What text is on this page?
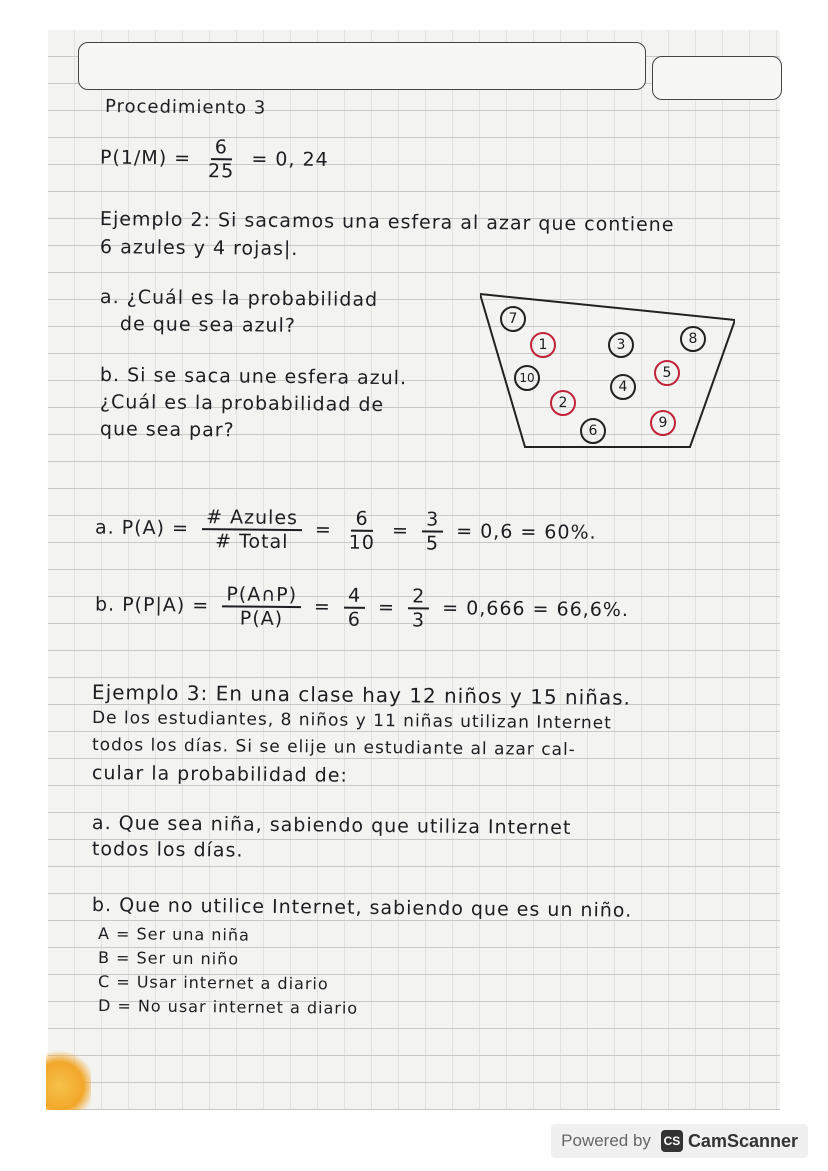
Procedimiento 3
$P(1/M) = \frac{6}{25} = 0$, 24
Ejemplo 2: Si sacamos una esfera al azar que contiene
6 azules y 4 rojas|.
a. ¿Cuál es la probabilidad
de que sea azul?
b. Si se saca une esfera azul.
¿Cuál es la probabilidad de
que sea par?
7
1	3	8
5
10
4
2
9
6
a. $P(A) = \frac{\text{\# Azules}}{\text{\# Total}} = \frac{6}{10} = \frac{3}{5} = 0,6 = 60\%$.
b. $P(P|A) = \frac{P(A\cap P)}{P(A)} = \frac{4}{6} = \frac{2}{3} = 0,666 = 66,6\%$.
Ejemplo 3: En una clase hay 12 niños y 15 niñas.
De los estudiantes, 8 niños y 11 niñas utilizan Internet
todos los días. Si se elije un estudiante al azar cal-
cular la probabilidad de:
a. Que sea niña, sabiendo que utiliza Internet
todos los días.
b. Que no utilice Internet, sabiendo que es un niño.
A = Ser una niña
B = Ser un niño
C = Usar internet a diario
D = No usar internet a diario
Powered by CS CamScanner
